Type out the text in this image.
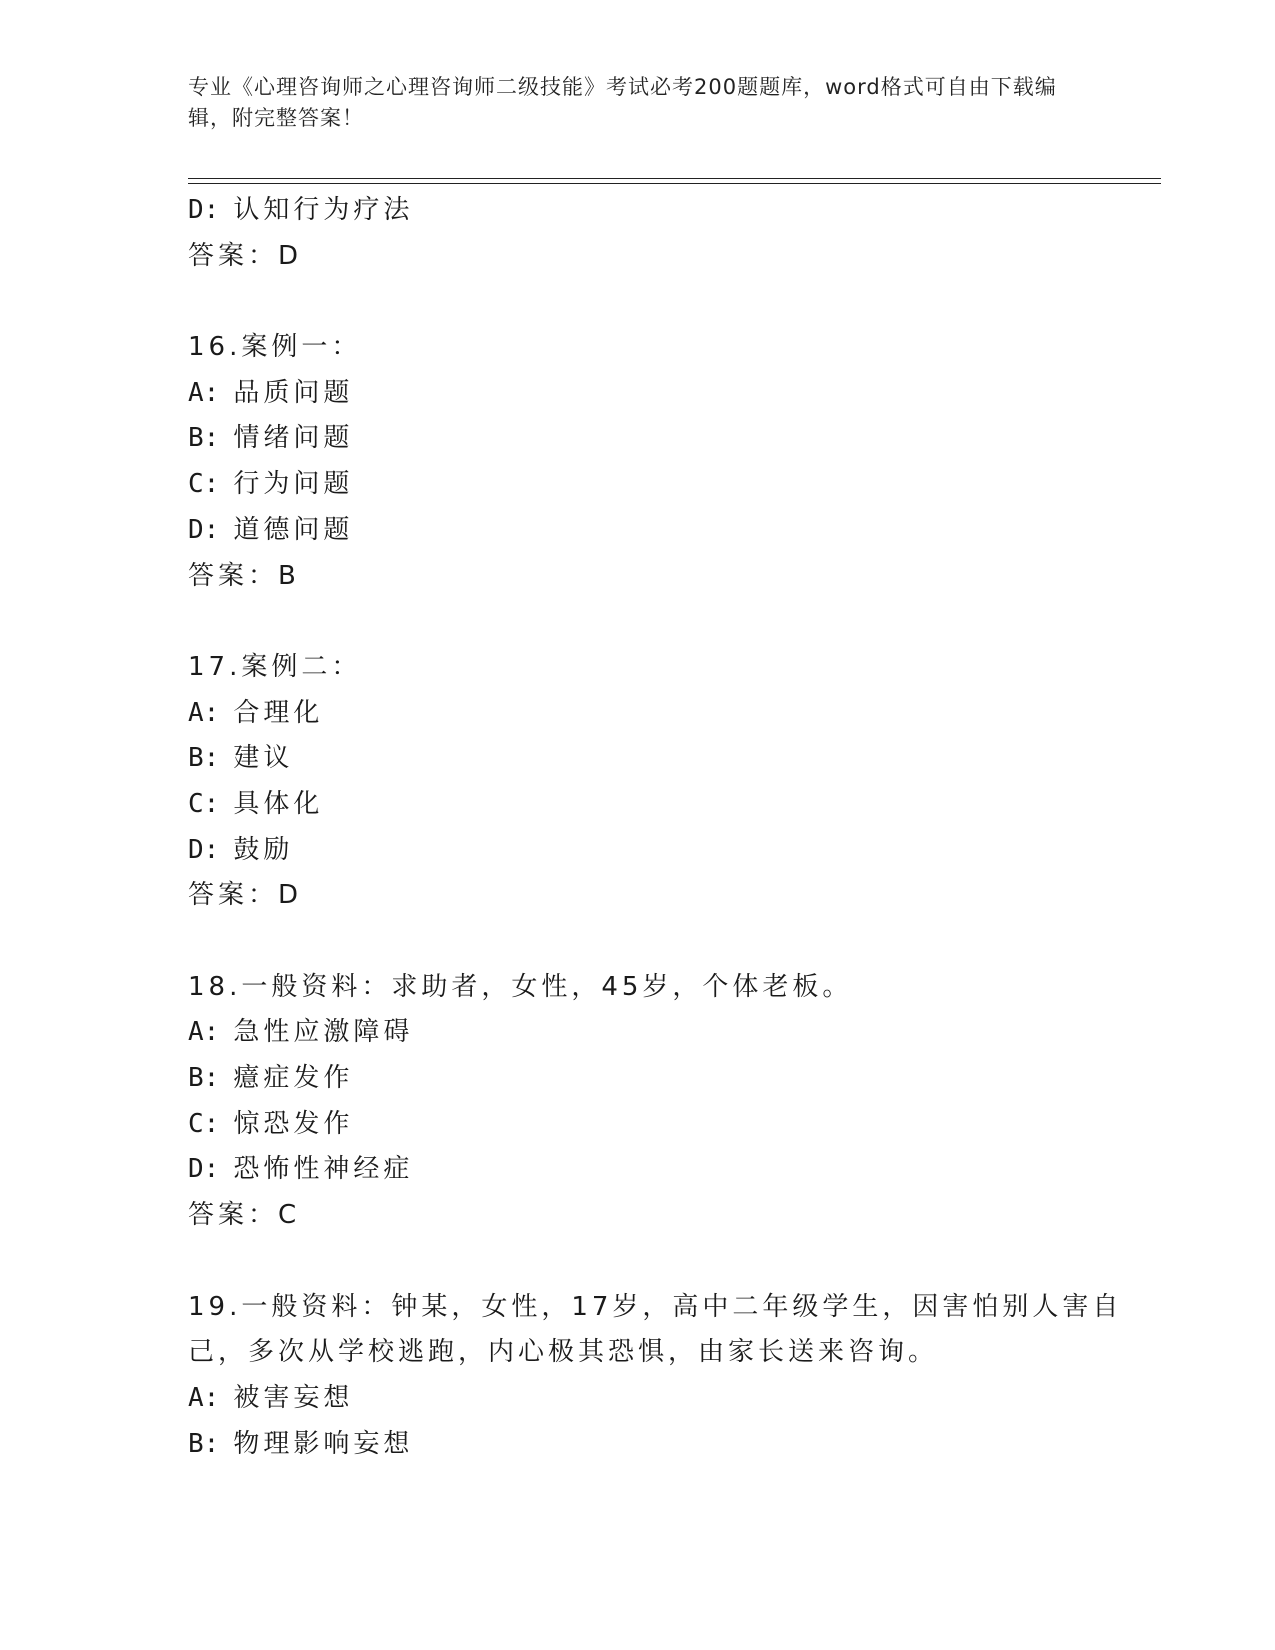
专业《心理咨询师之心理咨询师二级技能》考试必考200题题库，word格式可自由下载编辑，附完整答案！
D: 认知行为疗法
答案：D
16.案例一：
A: 品质问题
B: 情绪问题
C: 行为问题
D: 道德问题
答案：B
17.案例二：
A: 合理化
B: 建议
C: 具体化
D: 鼓励
答案：D
18.一般资料：求助者，女性，45岁，个体老板。
A: 急性应激障碍
B: 癔症发作
C: 惊恐发作
D: 恐怖性神经症
答案：C
19.一般资料：钟某，女性，17岁，高中二年级学生，因害怕别人害自己，多次从学校逃跑，内心极其恐惧，由家长送来咨询。
A: 被害妄想
B: 物理影响妄想
